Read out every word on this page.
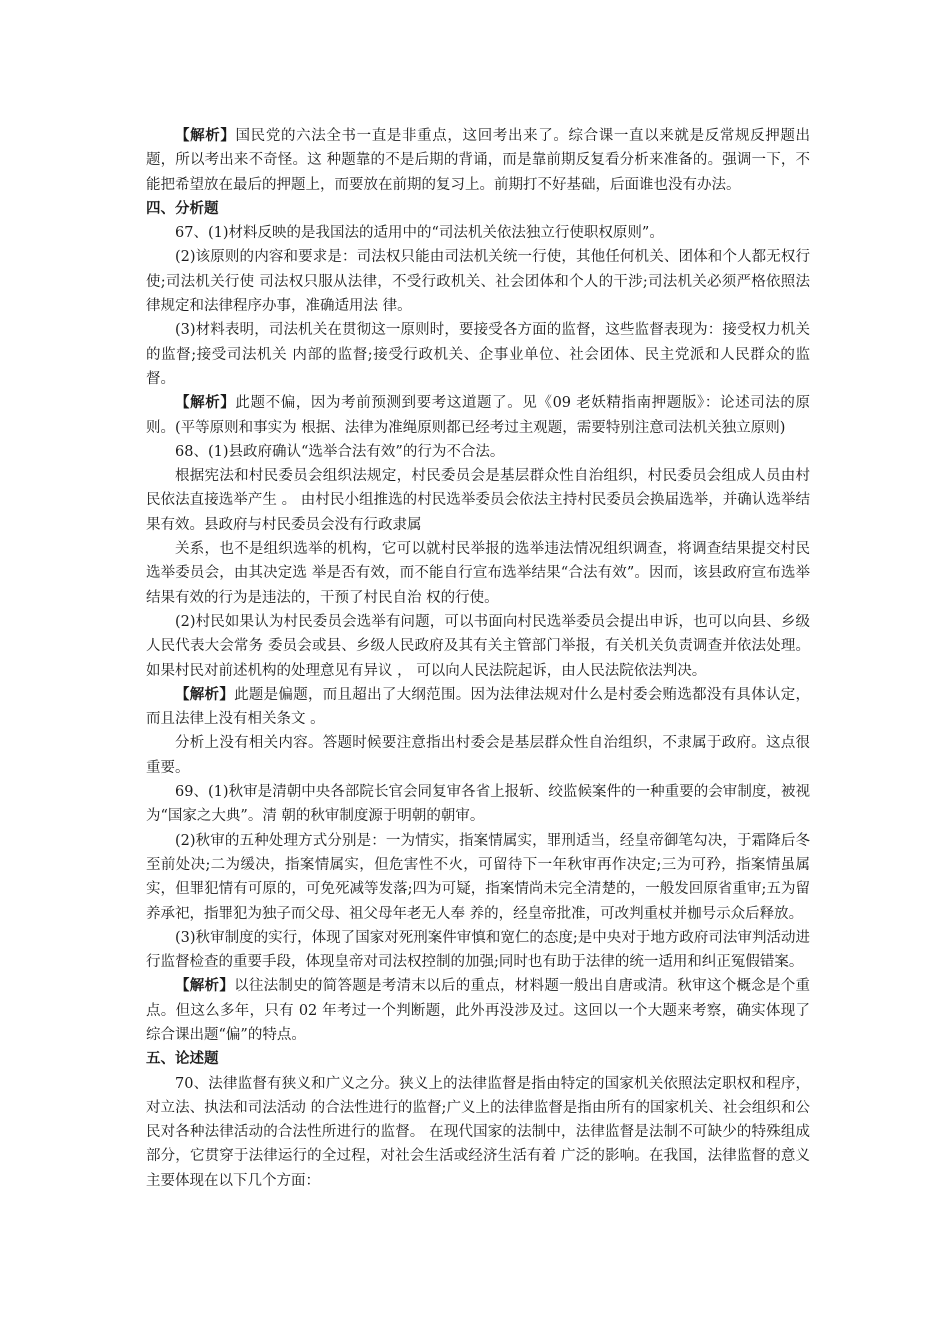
【解析】国民党的六法全书一直是非重点，这回考出来了。综合课一直以来就是反常规反押题出题，所以考出来不奇怪。这 种题靠的不是后期的背诵，而是靠前期反复看分析来准备的。强调一下，不能把希望放在最后的押题上，而要放在前期的复习上。前期打不好基础，后面谁也没有办法。

四、分析题

67、(1)材料反映的是我国法的适用中的“司法机关依法独立行使职权原则”。

(2)该原则的内容和要求是：司法权只能由司法机关统一行使，其他任何机关、团体和个人都无权行使;司法机关行使 司法权只服从法律，不受行政机关、社会团体和个人的干涉;司法机关必须严格依照法律规定和法律程序办事，准确适用法 律。

(3)材料表明，司法机关在贯彻这一原则时，要接受各方面的监督，这些监督表现为：接受权力机关的监督;接受司法机关 内部的监督;接受行政机关、企事业单位、社会团体、民主党派和人民群众的监督。

【解析】此题不偏，因为考前预测到要考这道题了。见《09 老妖精指南押题版》：论述司法的原则。(平等原则和事实为 根据、法律为准绳原则都已经考过主观题，需要特别注意司法机关独立原则)

68、(1)县政府确认“选举合法有效”的行为不合法。

根据宪法和村民委员会组织法规定，村民委员会是基层群众性自治组织，村民委员会组成人员由村民依法直接选举产生 。 由村民小组推选的村民选举委员会依法主持村民委员会换届选举，并确认选举结果有效。县政府与村民委员会没有行政隶属

关系，也不是组织选举的机构，它可以就村民举报的选举违法情况组织调查，将调查结果提交村民选举委员会，由其决定选 举是否有效，而不能自行宣布选举结果“合法有效”。因而，该县政府宣布选举结果有效的行为是违法的，干预了村民自治 权的行使。

(2)村民如果认为村民委员会选举有问题，可以书面向村民选举委员会提出申诉，也可以向县、乡级人民代表大会常务 委员会或县、乡级人民政府及其有关主管部门举报，有关机关负责调查并依法处理。如果村民对前述机构的处理意见有异议 ， 可以向人民法院起诉，由人民法院依法判决。

【解析】此题是偏题，而且超出了大纲范围。因为法律法规对什么是村委会贿选都没有具体认定，而且法律上没有相关条文 。

分析上没有相关内容。答题时候要注意指出村委会是基层群众性自治组织，不隶属于政府。这点很重要。

69、(1)秋审是清朝中央各部院长官会同复审各省上报斩、绞监候案件的一种重要的会审制度，被视为“国家之大典”。清 朝的秋审制度源于明朝的朝审。

(2)秋审的五种处理方式分别是：一为情实，指案情属实，罪刑适当，经皇帝御笔勾决，于霜降后冬至前处决;二为缓决，指案情属实，但危害性不火，可留待下一年秋审再作决定;三为可矜，指案情虽属实，但罪犯情有可原的，可免死减等发落;四为可疑，指案情尚未完全清楚的，一般发回原省重审;五为留养承祀，指罪犯为独子而父母、祖父母年老无人奉 养的，经皇帝批准，可改判重杖并枷号示众后释放。

(3)秋审制度的实行，体现了国家对死刑案件审慎和宽仁的态度;是中央对于地方政府司法审判活动进行监督检查的重要手段，体现皇帝对司法权控制的加强;同时也有助于法律的统一适用和纠正冤假错案。

【解析】以往法制史的简答题是考清末以后的重点，材料题一般出自唐或清。秋审这个概念是个重点。但这么多年，只有 02 年考过一个判断题，此外再没涉及过。这回以一个大题来考察，确实体现了综合课出题“偏”的特点。

五、论述题

70、法律监督有狭义和广义之分。狭义上的法律监督是指由特定的国家机关依照法定职权和程序，对立法、执法和司法活动 的合法性进行的监督;广义上的法律监督是指由所有的国家机关、社会组织和公民对各种法律活动的合法性所进行的监督。 在现代国家的法制中，法律监督是法制不可缺少的特殊组成部分，它贯穿于法律运行的全过程，对社会生活或经济生活有着 广泛的影响。在我国，法律监督的意义主要体现在以下几个方面：
